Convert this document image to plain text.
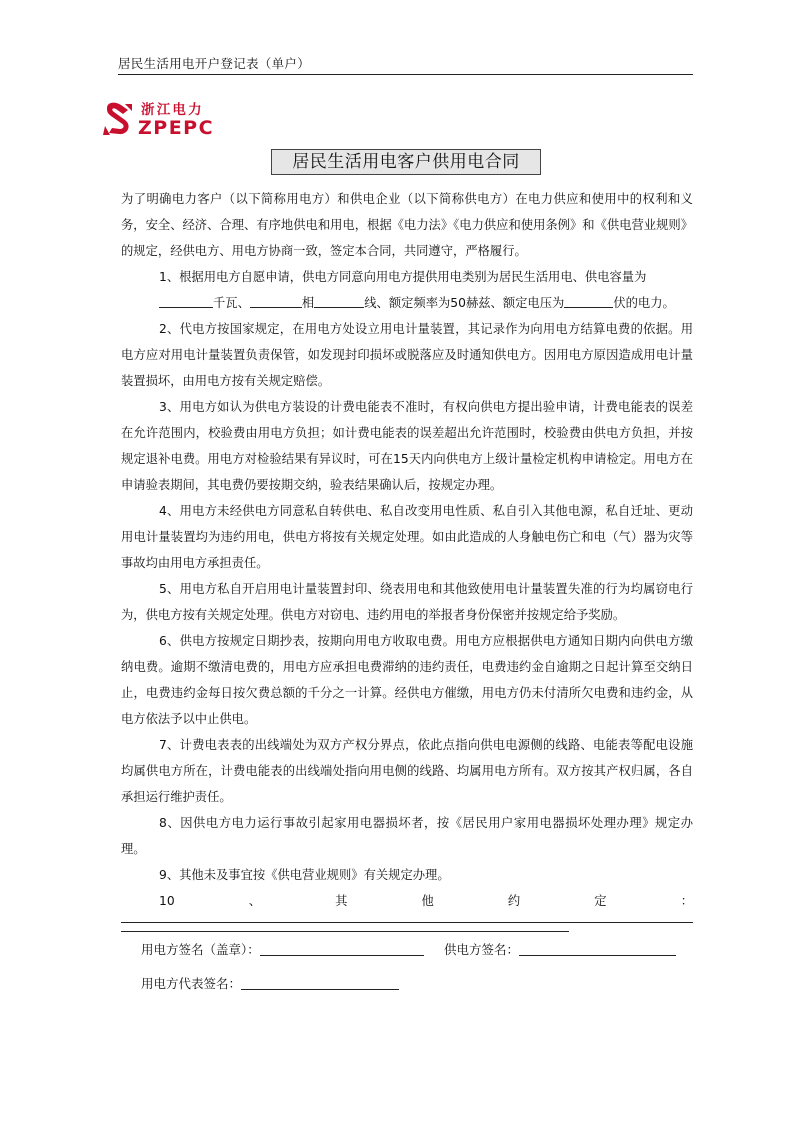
居民生活用电开户登记表（单户）
浙江电力
ZPEPC
居民生活用电客户供用电合同

为了明确电力客户（以下简称用电方）和供电企业（以下简称供电方）在电力供应和使用中的权利和义务，安全、经济、合理、有序地供电和用电，根据《电力法》《电力供应和使用条例》和《供电营业规则》的规定，经供电方、用电方协商一致，签定本合同，共同遵守，严格履行。

1、根据用电方自愿申请，供电方同意向用电方提供用电类别为居民生活用电、供电容量为

千瓦、	相	线、额定频率为50赫兹、额定电压为	伏的电力。

2、代电方按国家规定，在用电方处设立用电计量装置，其记录作为向用电方结算电费的依据。用电方应对用电计量装置负责保管，如发现封印损坏或脱落应及时通知供电方。因用电方原因造成用电计量装置损坏，由用电方按有关规定赔偿。

3、用电方如认为供电方装设的计费电能表不准时，有权向供电方提出验申请，计费电能表的误差在允许范围内，校验费由用电方负担；如计费电能表的误差超出允许范围时，校验费由供电方负担，并按规定退补电费。用电方对检验结果有异议时，可在15天内向供电方上级计量检定机构申请检定。用电方在申请验表期间，其电费仍要按期交纳，验表结果确认后，按规定办理。

4、用电方未经供电方同意私自转供电、私自改变用电性质、私自引入其他电源，私自迁址、更动用电计量装置均为违约用电，供电方将按有关规定处理。如由此造成的人身触电伤亡和电（气）器为灾等事故均由用电方承担责任。

5、用电方私自开启用电计量装置封印、绕表用电和其他致使用电计量装置失准的行为均属窃电行为，供电方按有关规定处理。供电方对窃电、违约用电的举报者身份保密并按规定给予奖励。

6、供电方按规定日期抄表，按期向用电方收取电费。用电方应根据供电方通知日期内向供电方缴纳电费。逾期不缴清电费的，用电方应承担电费滞纳的违约责任，电费违约金自逾期之日起计算至交纳日止，电费违约金每日按欠费总额的千分之一计算。经供电方催缴，用电方仍未付清所欠电费和违约金，从电方依法予以中止供电。

7、计费电表表的出线端处为双方产权分界点，依此点指向供电电源侧的线路、电能表等配电设施均属供电方所在，计费电能表的出线端处指向用电侧的线路、均属用电方所有。双方按其产权归属，各自承担运行维护责任。

8、因供电方电力运行事故引起家用电器损坏者，按《居民用户家用电器损坏处理办理》规定办理。

9、其他未及事宜按《供电营业规则》有关规定办理。

10、其他约定：

用电方签名（盖章）：	供电方签名：
用电方代表签名：
